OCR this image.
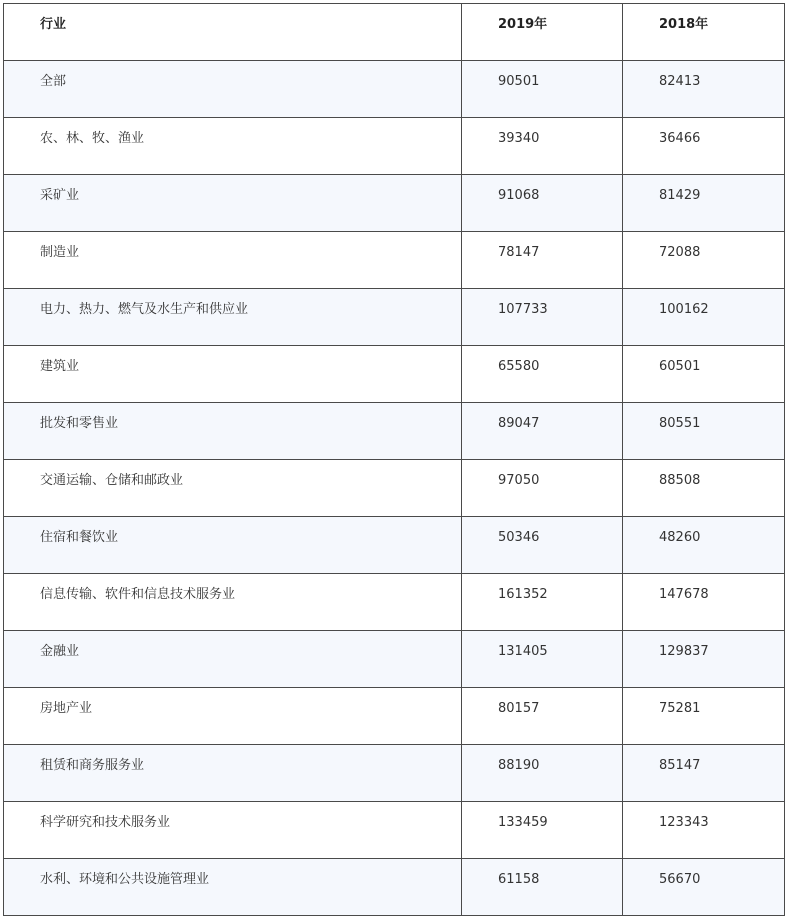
行业	2019年	2018年

全部	90501	82413

农、林、牧、渔业	39340	36466

采矿业	91068	81429

制造业	78147	72088

电力、热力、燃气及水生产和供应业	107733	100162

建筑业	65580	60501

批发和零售业	89047	80551

交通运输、仓储和邮政业	97050	88508

住宿和餐饮业	50346	48260

信息传输、软件和信息技术服务业	161352	147678

金融业	131405	129837

房地产业	80157	75281

租赁和商务服务业	88190	85147

科学研究和技术服务业	133459	123343

水利、环境和公共设施管理业	61158	56670
